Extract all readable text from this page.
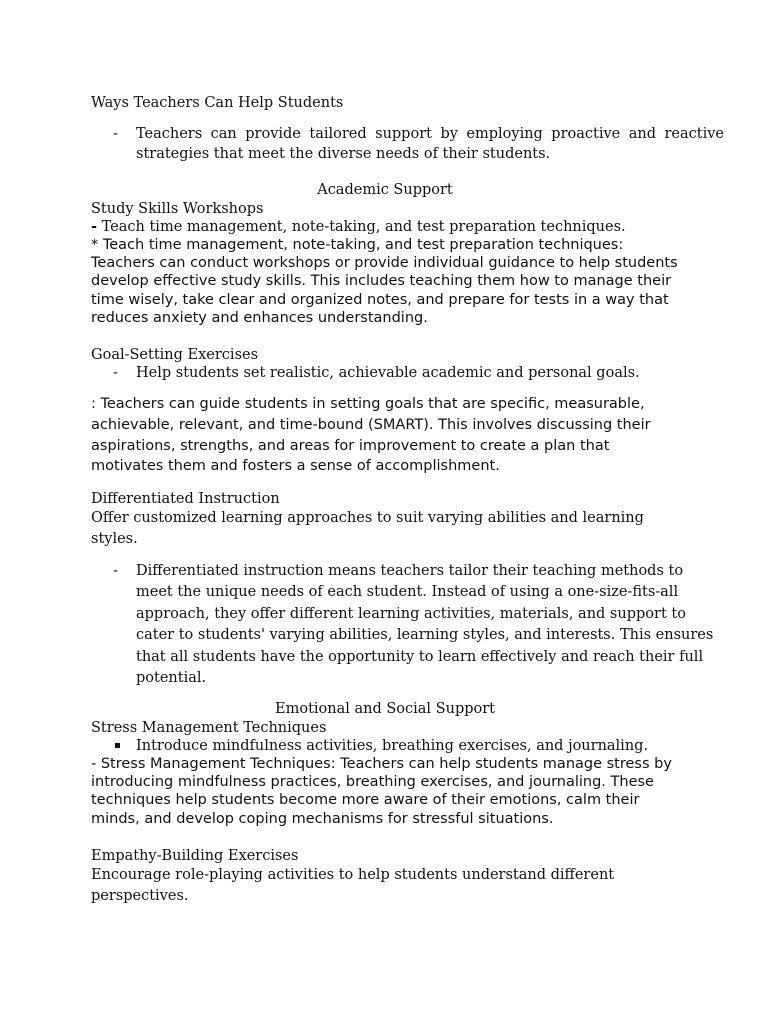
Ways Teachers Can Help Students

- Teachers can provide tailored support by employing proactive and reactive strategies that meet the diverse needs of their students.

Academic Support

Study Skills Workshops

- Teach time management, note-taking, and test preparation techniques.

* Teach time management, note-taking, and test preparation techniques: Teachers can conduct workshops or provide individual guidance to help students develop effective study skills. This includes teaching them how to manage their time wisely, take clear and organized notes, and prepare for tests in a way that reduces anxiety and enhances understanding.

Goal-Setting Exercises

- Help students set realistic, achievable academic and personal goals.

: Teachers can guide students in setting goals that are specific, measurable, achievable, relevant, and time-bound (SMART). This involves discussing their aspirations, strengths, and areas for improvement to create a plan that motivates them and fosters a sense of accomplishment.

Differentiated Instruction

Offer customized learning approaches to suit varying abilities and learning styles.

- Differentiated instruction means teachers tailor their teaching methods to meet the unique needs of each student. Instead of using a one-size-fits-all approach, they offer different learning activities, materials, and support to cater to students' varying abilities, learning styles, and interests. This ensures that all students have the opportunity to learn effectively and reach their full potential.

Emotional and Social Support

Stress Management Techniques

Introduce mindfulness activities, breathing exercises, and journaling.

- Stress Management Techniques: Teachers can help students manage stress by introducing mindfulness practices, breathing exercises, and journaling. These techniques help students become more aware of their emotions, calm their minds, and develop coping mechanisms for stressful situations.

Empathy-Building Exercises

Encourage role-playing activities to help students understand different perspectives.
